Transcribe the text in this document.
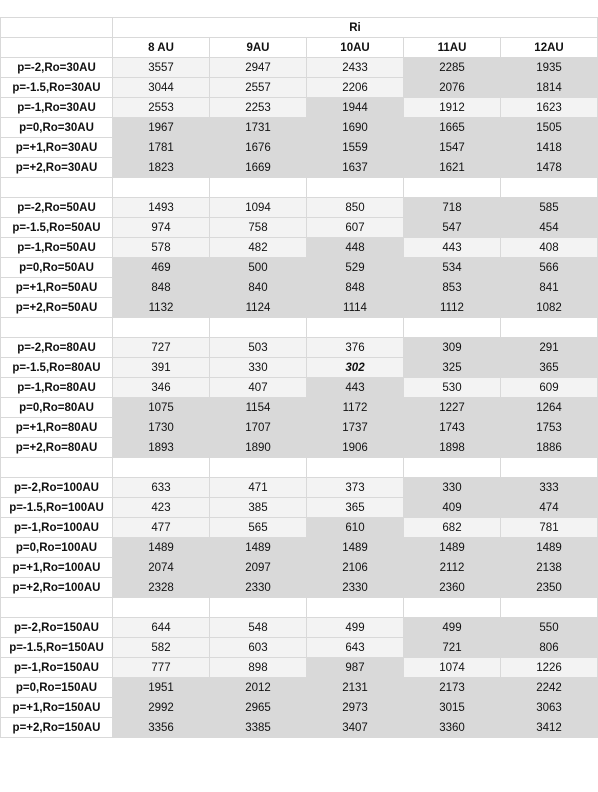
	Ri				
	8 AU	9AU	10AU	11AU	12AU
p=-2,Ro=30AU	3557	2947	2433	2285	1935
p=-1.5,Ro=30AU	3044	2557	2206	2076	1814
p=-1,Ro=30AU	2553	2253	1944	1912	1623
p=0,Ro=30AU	1967	1731	1690	1665	1505
p=+1,Ro=30AU	1781	1676	1559	1547	1418
p=+2,Ro=30AU	1823	1669	1637	1621	1478

p=-2,Ro=50AU	1493	1094	850	718	585
p=-1.5,Ro=50AU	974	758	607	547	454
p=-1,Ro=50AU	578	482	448	443	408
p=0,Ro=50AU	469	500	529	534	566
p=+1,Ro=50AU	848	840	848	853	841
p=+2,Ro=50AU	1132	1124	1114	1112	1082

p=-2,Ro=80AU	727	503	376	309	291
p=-1.5,Ro=80AU	391	330	302	325	365
p=-1,Ro=80AU	346	407	443	530	609
p=0,Ro=80AU	1075	1154	1172	1227	1264
p=+1,Ro=80AU	1730	1707	1737	1743	1753
p=+2,Ro=80AU	1893	1890	1906	1898	1886

p=-2,Ro=100AU	633	471	373	330	333
p=-1.5,Ro=100AU	423	385	365	409	474
p=-1,Ro=100AU	477	565	610	682	781
p=0,Ro=100AU	1489	1489	1489	1489	1489
p=+1,Ro=100AU	2074	2097	2106	2112	2138
p=+2,Ro=100AU	2328	2330	2330	2360	2350

p=-2,Ro=150AU	644	548	499	499	550
p=-1.5,Ro=150AU	582	603	643	721	806
p=-1,Ro=150AU	777	898	987	1074	1226
p=0,Ro=150AU	1951	2012	2131	2173	2242
p=+1,Ro=150AU	2992	2965	2973	3015	3063
p=+2,Ro=150AU	3356	3385	3407	3360	3412
